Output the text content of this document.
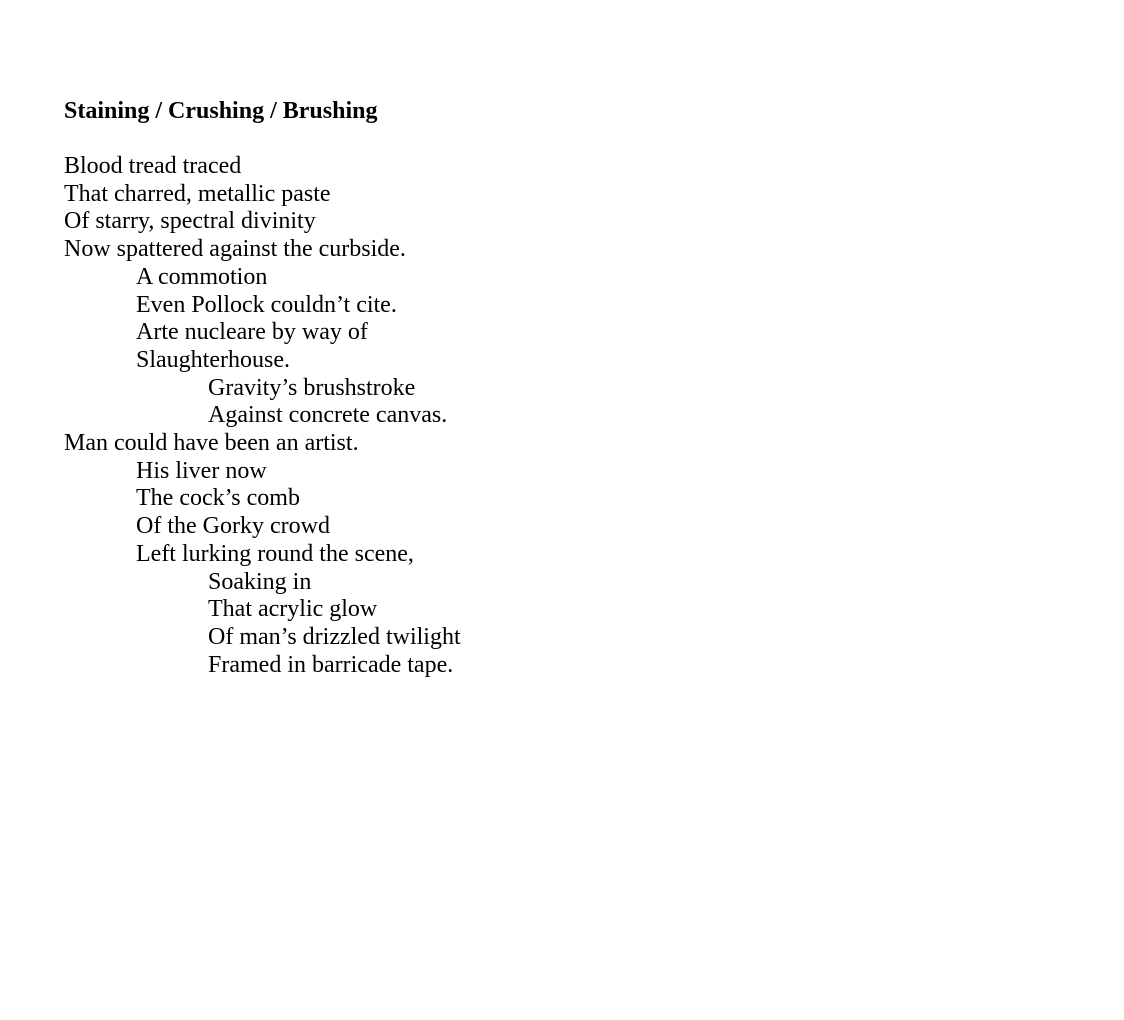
Staining / Crushing / Brushing
Blood tread traced
That charred, metallic paste
Of starry, spectral divinity
Now spattered against the curbside.
A commotion
Even Pollock couldn’t cite.
Arte nucleare by way of
Slaughterhouse.
Gravity’s brushstroke
Against concrete canvas.
Man could have been an artist.
His liver now
The cock’s comb
Of the Gorky crowd
Left lurking round the scene,
Soaking in
That acrylic glow
Of man’s drizzled twilight
Framed in barricade tape.
